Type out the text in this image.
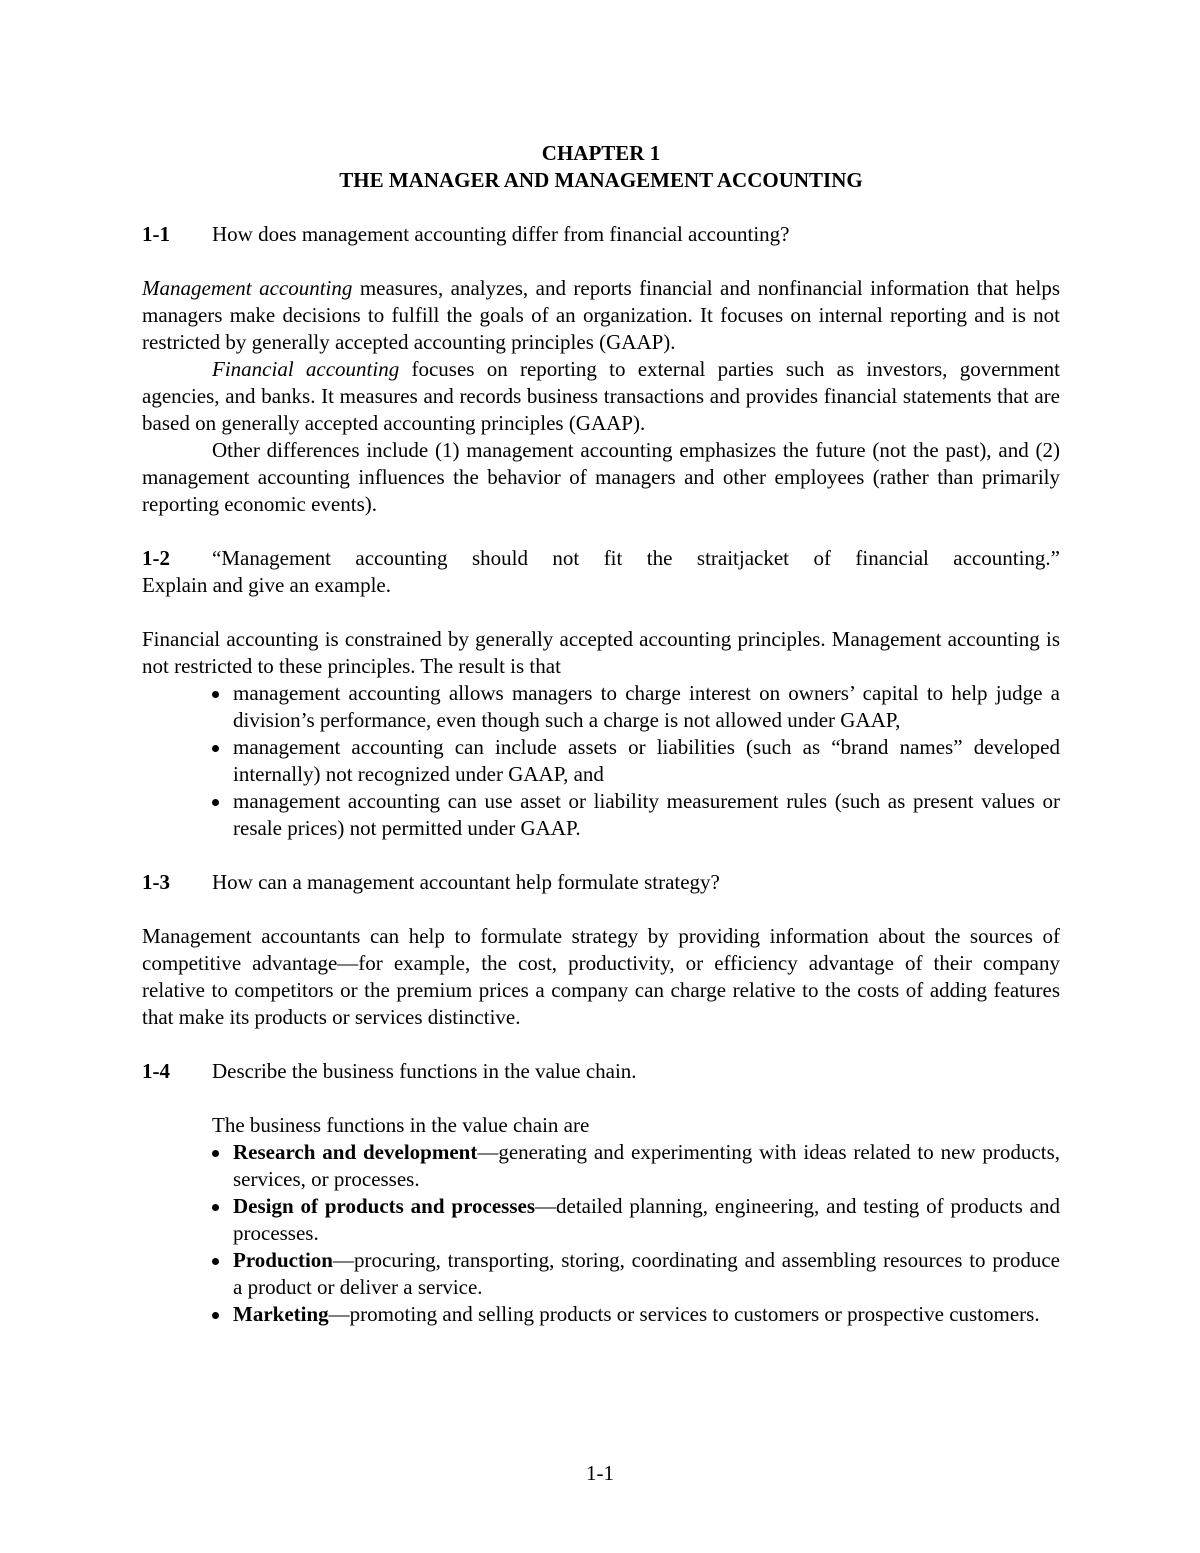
CHAPTER 1
THE MANAGER AND MANAGEMENT ACCOUNTING
1-1	How does management accounting differ from financial accounting?

Management accounting measures, analyzes, and reports financial and nonfinancial information that helps managers make decisions to fulfill the goals of an organization. It focuses on internal reporting and is not restricted by generally accepted accounting principles (GAAP).

Financial accounting focuses on reporting to external parties such as investors, government agencies, and banks. It measures and records business transactions and provides financial statements that are based on generally accepted accounting principles (GAAP).

Other differences include (1) management accounting emphasizes the future (not the past), and (2) management accounting influences the behavior of managers and other employees (rather than primarily reporting economic events).

1-2	“Management accounting should not fit the straitjacket of financial accounting.”

Explain and give an example.

Financial accounting is constrained by generally accepted accounting principles. Management accounting is not restricted to these principles. The result is that

management accounting allows managers to charge interest on owners’ capital to help judge a division’s performance, even though such a charge is not allowed under GAAP,
management accounting can include assets or liabilities (such as “brand names” developed internally) not recognized under GAAP, and
management accounting can use asset or liability measurement rules (such as present values or resale prices) not permitted under GAAP.
1-3	How can a management accountant help formulate strategy?

Management accountants can help to formulate strategy by providing information about the sources of competitive advantage—for example, the cost, productivity, or efficiency advantage of their company relative to competitors or the premium prices a company can charge relative to the costs of adding features that make its products or services distinctive.

1-4	Describe the business functions in the value chain.

The business functions in the value chain are

Research and development—generating and experimenting with ideas related to new products, services, or processes.
Design of products and processes—detailed planning, engineering, and testing of products and processes.
Production—procuring, transporting, storing, coordinating and assembling resources to produce a product or deliver a service.
Marketing—promoting and selling products or services to customers or prospective customers.
1-1
